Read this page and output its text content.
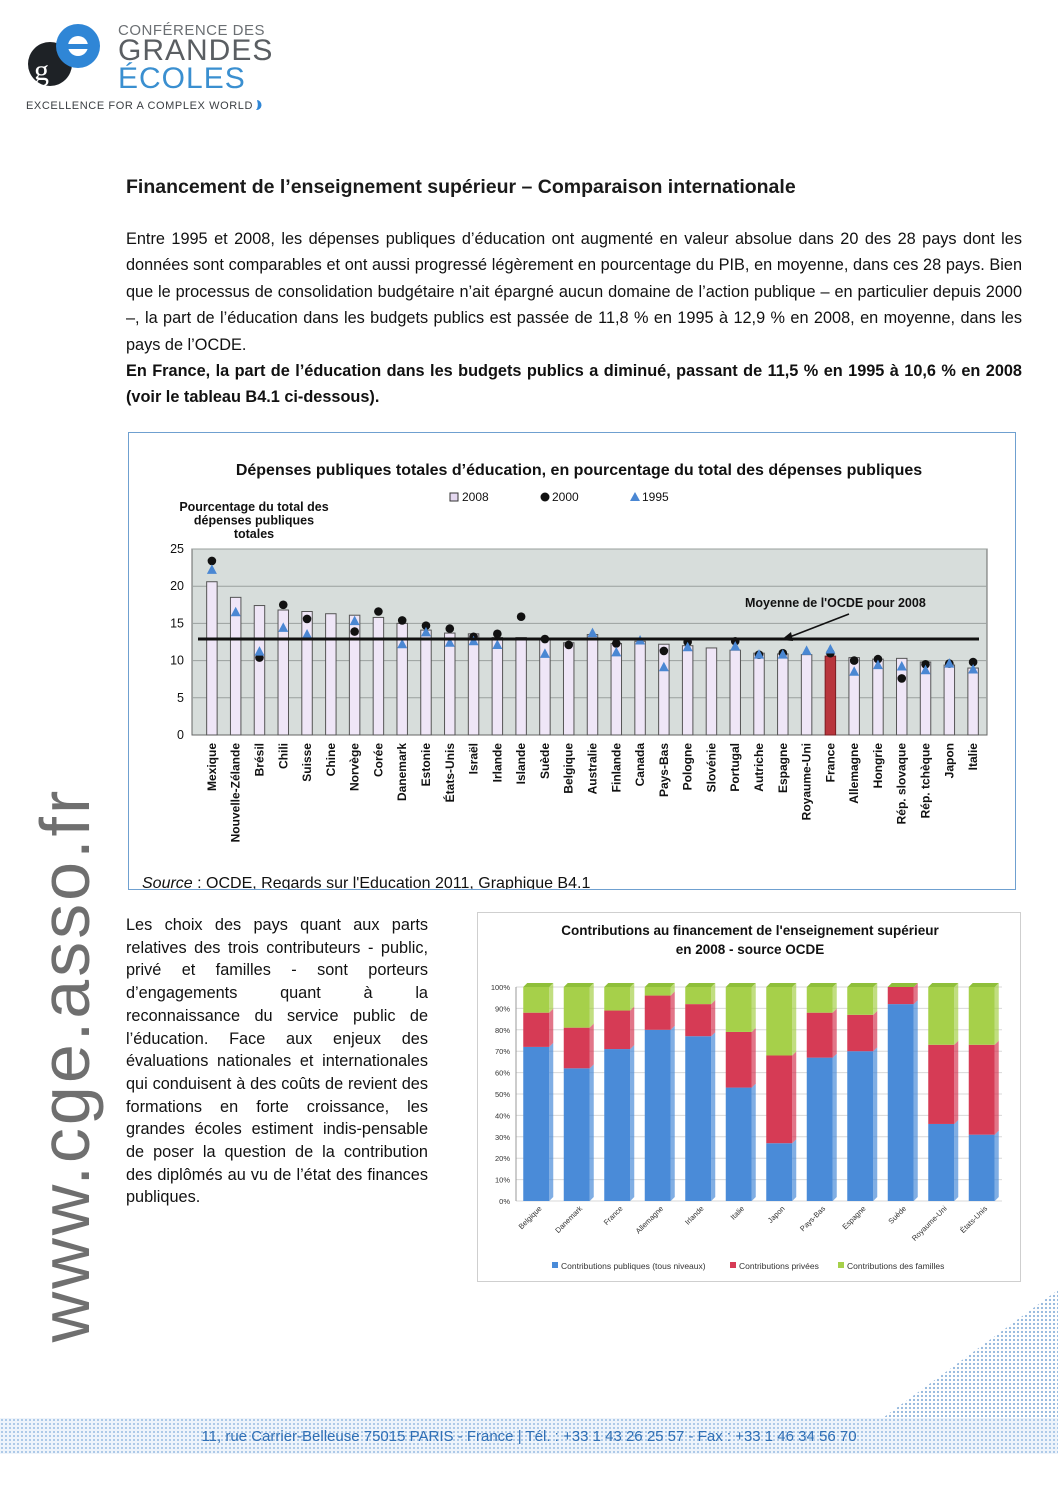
g
CONFÉRENCE DES
GRANDES
ÉCOLES
EXCELLENCE FOR A COMPLEX WORLD
www.cge.asso.fr
Financement de l’enseignement supérieur – Comparaison internationale
Entre 1995 et 2008, les dépenses publiques d’éducation ont augmenté en valeur absolue dans 20 des 28 pays dont les données sont comparables et ont aussi progressé légèrement en pourcentage du PIB, en moyenne, dans ces 28 pays. Bien que le processus de consolidation budgétaire n’ait épargné aucun domaine de l’action publique – en particulier depuis 2000 –, la part de l’éducation dans les budgets publics est passée de 11,8 % en 1995 à 12,9 % en 2008, en moyenne, dans les pays de l’OCDE.
En France, la part de l’éducation dans les budgets publics a diminué, passant de 11,5 % en 1995 à 10,6 % en 2008 (voir le tableau B4.1 ci-dessous).
Dépenses publiques totales d’éducation, en pourcentage du total des dépenses publiques
Pourcentage du total des dépenses publiques totales
2008	2000	1995
0
5
10
15
20
25
Mexique Nouvelle-Zélande Brésil Chili Suisse Chine Norvège Corée Danemark Estonie États-Unis Israël Irlande Islande Suède Belgique Australie Finlande Canada Pays-Bas Pologne Slovénie Portugal Autriche Espagne Royaume-Uni France Allemagne Hongrie Rép. slovaque Rép. tchèque Japon Italie
Moyenne de l'OCDE pour 2008
Source : OCDE, Regards sur l'Education 2011, Graphique B4.1
Les choix des pays quant aux parts relatives des trois contributeurs - public, privé et familles - sont porteurs d’engagements quant à la reconnaissance du service public de l’éducation. Face aux enjeux des évaluations nationales et internationales qui conduisent à des coûts de revient des formations en forte croissance, les grandes écoles estiment indis-pensable de poser la question de la contribution des diplômés au vu de l’état des finances publiques.
Contributions au financement de l'enseignement supérieur en 2008 - source OCDE
0%
10%
20%
30%
40%
50%
60%
70%
80%
90%
100%
Belgique Danemark France Allemagne Irlande	Italie	Japon Pays-Bas Espagne	Suède Royaume-Uni États-Unis
Contributions publiques (tous niveaux)	Contributions privées	Contributions des familles
11, rue Carrier-Belleuse 75015 PARIS - France | Tél. : +33 1 43 26 25 57 - Fax : +33 1 46 34 56 70
